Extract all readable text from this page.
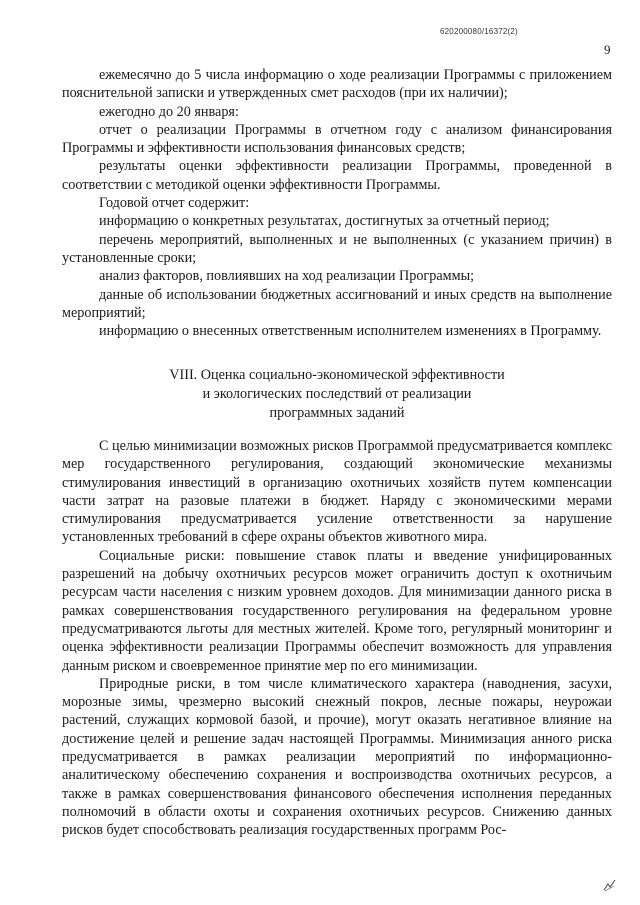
620200080/16372(2)
9

ежемесячно до 5 числа информацию о ходе реализации Программы с приложением пояснительной записки и утвержденных смет расходов (при их наличии);

ежегодно до 20 января:

отчет о реализации Программы в отчетном году с анализом финансирования Программы и эффективности использования финансовых средств;

результаты оценки эффективности реализации Программы, проведенной в соответствии с методикой оценки эффективности Программы.

Годовой отчет содержит:

информацию о конкретных результатах, достигнутых за отчетный период;

перечень мероприятий, выполненных и не выполненных (с указанием причин) в установленные сроки;

анализ факторов, повлиявших на ход реализации Программы;

данные об использовании бюджетных ассигнований и иных средств на выполнение мероприятий;

информацию о внесенных ответственным исполнителем изменениях в Программу.

VIII. Оценка социально-экономической эффективности
и экологических последствий от реализации
программных заданий

С целью минимизации возможных рисков Программой предусматривается комплекс мер государственного регулирования, создающий экономические механизмы стимулирования инвестиций в организацию охотничьих хозяйств путем компенсации части затрат на разовые платежи в бюджет. Наряду с экономическими мерами стимулирования предусматривается усиление ответственности за нарушение установленных требований в сфере охраны объектов животного мира.

Социальные риски: повышение ставок платы и введение унифицированных разрешений на добычу охотничьих ресурсов может ограничить доступ к охотничьим ресурсам части населения с низким уровнем доходов. Для минимизации данного риска в рамках совершенствования государственного регулирования на федеральном уровне предусматриваются льготы для местных жителей. Кроме того, регулярный мониторинг и оценка эффективности реализации Программы обеспечит возможность для управления данным риском и своевременное принятие мер по его минимизации.

Природные риски, в том числе климатического характера (наводнения, засухи, морозные зимы, чрезмерно высокий снежный покров, лесные пожары, неурожаи растений, служащих кормовой базой, и прочие), могут оказать негативное влияние на достижение целей и решение задач настоящей Программы. Минимизация анного риска предусматривается в рамках реализации мероприятий по информационно-аналитическому обеспечению сохранения и воспроизводства охотничьих ресурсов, а также в рамках совершенствования финансового обеспечения исполнения переданных полномочий в области охоты и сохранения охотничьих ресурсов. Снижению данных рисков будет способствовать реализация государственных программ Рос-
